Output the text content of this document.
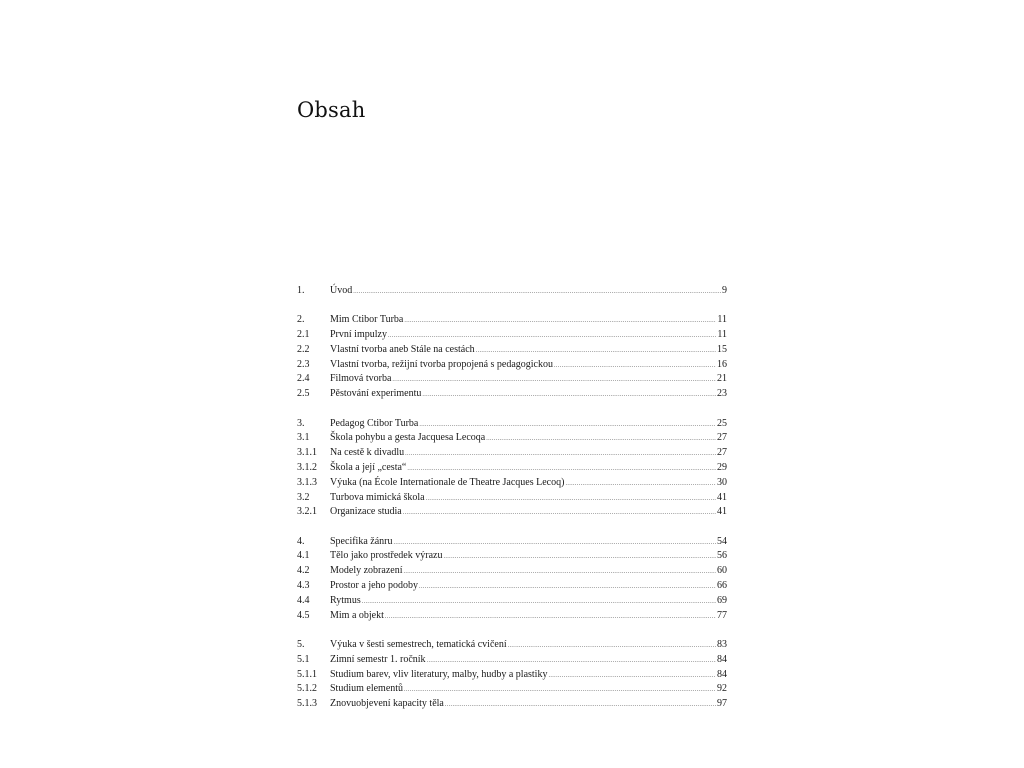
Obsah
1.	Úvod .....	9
2.	Mim Ctibor Turba .....	11
2.1	První impulzy .....	11
2.2	Vlastní tvorba aneb Stále na cestách .....	15
2.3	Vlastní tvorba, režijní tvorba propojená s pedagogickou .....	16
2.4	Filmová tvorba .....	21
2.5	Pěstování experimentu .....	23
3.	Pedagog Ctibor Turba .....	25
3.1	Škola pohybu a gesta Jacquesa Lecoqa .....	27
3.1.1	Na cestě k divadlu .....	27
3.1.2	Škola a její „cesta“ .....	29
3.1.3	Výuka (na École Internationale de Theatre Jacques Lecoq) .....	30
3.2	Turbova mimická škola .....	41
3.2.1	Organizace studia .....	41
4.	Specifika žánru .....	54
4.1	Tělo jako prostředek výrazu .....	56
4.2	Modely zobrazení .....	60
4.3	Prostor a jeho podoby .....	66
4.4	Rytmus .....	69
4.5	Mim a objekt .....	77
5.	Výuka v šesti semestrech, tematická cvičení .....	83
5.1	Zimní semestr 1. ročník .....	84
5.1.1	Studium barev, vliv literatury, malby, hudby a plastiky .....	84
5.1.2	Studium elementů .....	92
5.1.3	Znovuobjevení kapacity těla .....	97
